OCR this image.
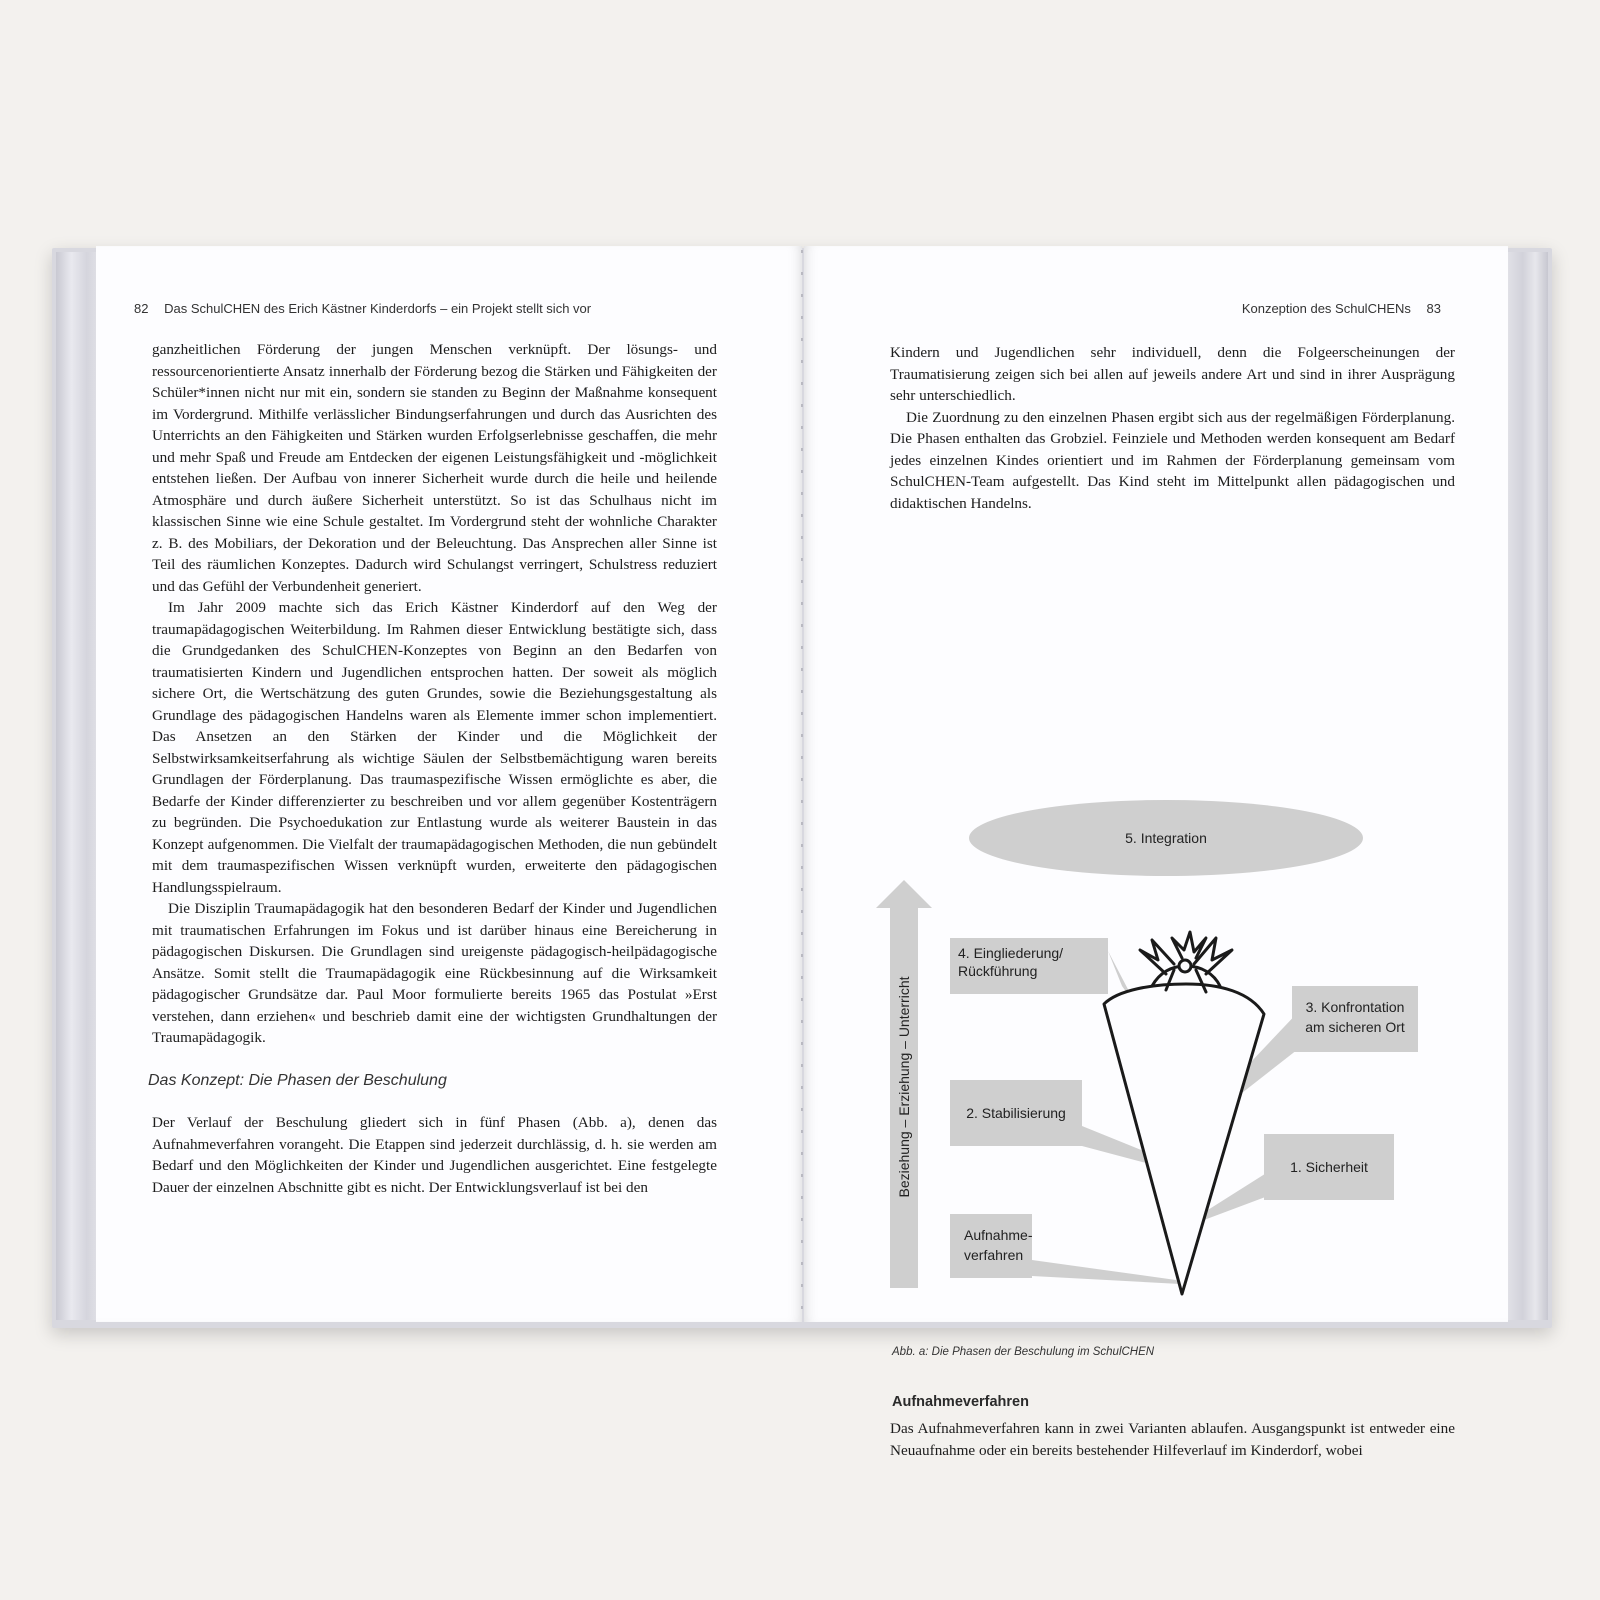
82 Das SchulCHEN des Erich Kästner Kinderdorfs – ein Projekt stellt sich vor

ganzheitlichen Förderung der jungen Menschen verknüpft. Der lösungs- und ressourcenorientierte Ansatz innerhalb der Förderung bezog die Stärken und Fähigkeiten der Schüler*innen nicht nur mit ein, sondern sie standen zu Beginn der Maßnahme konsequent im Vordergrund. Mithilfe verlässlicher Bindungserfahrungen und durch das Ausrichten des Unterrichts an den Fähigkeiten und Stärken wurden Erfolgserlebnisse geschaffen, die mehr und mehr Spaß und Freude am Entdecken der eigenen Leistungsfähigkeit und -möglichkeit entstehen ließen. Der Aufbau von innerer Sicherheit wurde durch die heile und heilende Atmosphäre und durch äußere Sicherheit unterstützt. So ist das Schulhaus nicht im klassischen Sinne wie eine Schule gestaltet. Im Vordergrund steht der wohnliche Charakter z. B. des Mobiliars, der Dekoration und der Beleuchtung. Das Ansprechen aller Sinne ist Teil des räumlichen Konzeptes. Dadurch wird Schulangst verringert, Schulstress reduziert und das Gefühl der Verbundenheit generiert.

Im Jahr 2009 machte sich das Erich Kästner Kinderdorf auf den Weg der traumapädagogischen Weiterbildung. Im Rahmen dieser Entwicklung bestätigte sich, dass die Grundgedanken des SchulCHEN-Konzeptes von Beginn an den Bedarfen von traumatisierten Kindern und Jugendlichen entsprochen hatten. Der soweit als möglich sichere Ort, die Wertschätzung des guten Grundes, sowie die Beziehungsgestaltung als Grundlage des pädagogischen Handelns waren als Elemente immer schon implementiert. Das Ansetzen an den Stärken der Kinder und die Möglichkeit der Selbstwirksamkeitserfahrung als wichtige Säulen der Selbstbemächtigung waren bereits Grundlagen der Förderplanung. Das traumaspezifische Wissen ermöglichte es aber, die Bedarfe der Kinder differenzierter zu beschreiben und vor allem gegenüber Kostenträgern zu begründen. Die Psychoedukation zur Entlastung wurde als weiterer Baustein in das Konzept aufgenommen. Die Vielfalt der traumapädagogischen Methoden, die nun gebündelt mit dem traumaspezifischen Wissen verknüpft wurden, erweiterte den pädagogischen Handlungsspielraum.

Die Disziplin Traumapädagogik hat den besonderen Bedarf der Kinder und Jugendlichen mit traumatischen Erfahrungen im Fokus und ist darüber hinaus eine Bereicherung in pädagogischen Diskursen. Die Grundlagen sind ureigenste pädagogisch-heilpädagogische Ansätze. Somit stellt die Traumapädagogik eine Rückbesinnung auf die Wirksamkeit pädagogischer Grundsätze dar. Paul Moor formulierte bereits 1965 das Postulat »Erst verstehen, dann erziehen« und beschrieb damit eine der wichtigsten Grundhaltungen der Traumapädagogik.

Das Konzept: Die Phasen der Beschulung
Der Verlauf der Beschulung gliedert sich in fünf Phasen (Abb. a), denen das Aufnahmeverfahren vorangeht. Die Etappen sind jederzeit durchlässig, d. h. sie werden am Bedarf und den Möglichkeiten der Kinder und Jugendlichen ausgerichtet. Eine festgelegte Dauer der einzelnen Abschnitte gibt es nicht. Der Entwicklungsverlauf ist bei den
Konzeption des SchulCHENs 83

Kindern und Jugendlichen sehr individuell, denn die Folgeerscheinungen der Traumatisierung zeigen sich bei allen auf jeweils andere Art und sind in ihrer Ausprägung sehr unterschiedlich.

Die Zuordnung zu den einzelnen Phasen ergibt sich aus der regelmäßigen Förderplanung. Die Phasen enthalten das Grobziel. Feinziele und Methoden werden konsequent am Bedarf jedes einzelnen Kindes orientiert und im Rahmen der Förderplanung gemeinsam vom SchulCHEN-Team aufgestellt. Das Kind steht im Mittelpunkt allen pädagogischen und didaktischen Handelns.

5. Integration
Beziehung – Erziehung – Unterricht
4. Eingliederung/
Rückführung
3. Konfrontation
am sicheren Ort
2. Stabilisierung
1. Sicherheit
Aufnahme-
verfahren
Abb. a: Die Phasen der Beschulung im SchulCHEN
Aufnahmeverfahren
Das Aufnahmeverfahren kann in zwei Varianten ablaufen. Ausgangspunkt ist entweder eine Neuaufnahme oder ein bereits bestehender Hilfeverlauf im Kinderdorf, wobei
